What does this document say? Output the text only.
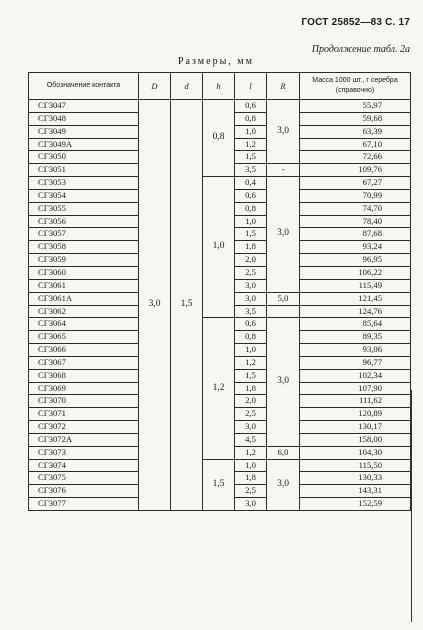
ГОСТ 25852—83 С. 17
Продолжение табл. 2а
Размеры, мм
Обозначение контакта	D	d	h	l	R	Масса 1000 шт., г серебра (справочно)
СГ3047	3,0	1,5	0,8	0,6	3,0	55,97
СГ3048				0,8		59,68
СГ3049				1,0		63,39
СГ3049А				1,2		67,10
СГ3050				1,5		72,66
СГ3051				3,5	-	109,76
СГ3053			1,0	0,4	3,0	67,27
СГ3054				0,6		70,99
СГ3055				0,8		74,70
СГ3056				1,0		78,40
СГ3057				1,5		87,68
СГ3058				1,8		93,24
СГ3059				2,0		96,95
СГ3060				2,5		106,22
СГ3061				3,0		115,49
СГ3061А				3,0	5,0	121,45
СГ3062				3,5		124,76
СГ3064			1,2	0,6	3,0	85,64
СГ3065				0,8		89,35
СГ3066				1,0		93,06
СГ3067				1,2		96,77
СГ3068				1,5		102,34
СГ3069				1,8		107,90
СГ3070				2,0		111,62
СГ3071				2,5		120,89
СГ3072				3,0		130,17
СГ3072А				4,5		158,00
СГ3073				1,2	6,0	104,30
СГ3074			1,5	1,0	3,0	115,50
СГ3075				1,8		130,33
СГ3076				2,5		143,31
СГ3077				3,0		152,59
